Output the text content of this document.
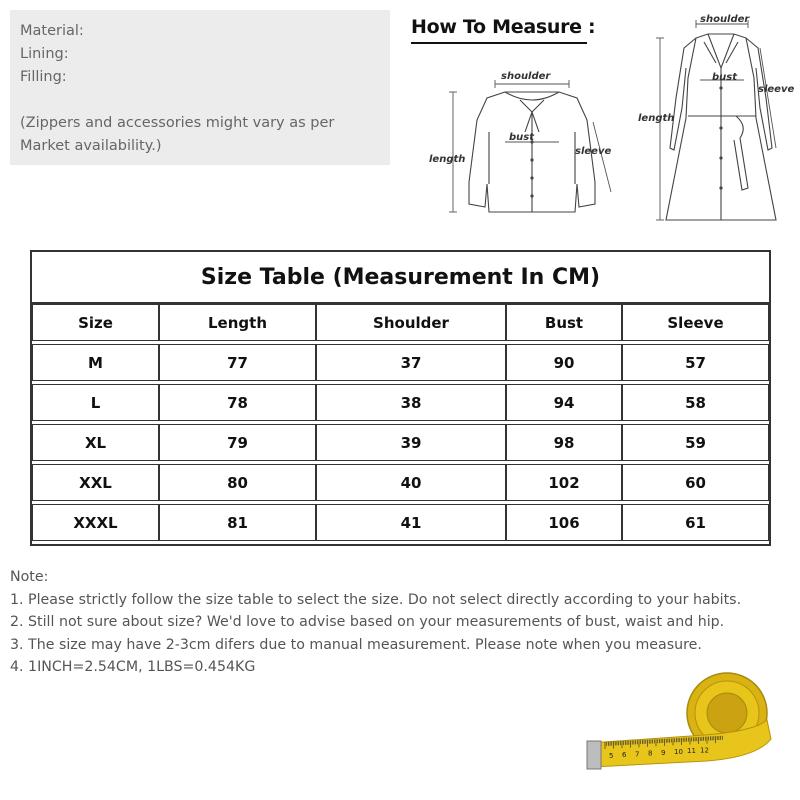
Material:
Lining:
Filling:
(Zippers and accessories might vary as per
Market availability.)
How To Measure :
shoulder
bust
sleeve
length
shoulder
bust
sleeve
length
Size Table (Measurement In CM)
Size	Length	Shoulder	Bust	Sleeve
M	77	37	90	57
L	78	38	94	58
XL	79	39	98	59
XXL	80	40	102	60
XXXL	81	41	106	61
Note:
1. Please strictly follow the size table to select the size. Do not select directly according to your habits.
2. Still not sure about size? We'd love to advise based on your measurements of bust, waist and hip.
3. The size may have 2-3cm difers due to manual measurement. Please note when you measure.
4. 1INCH=2.54CM, 1LBS=0.454KG
5 6 7 8 9 10 11 12
